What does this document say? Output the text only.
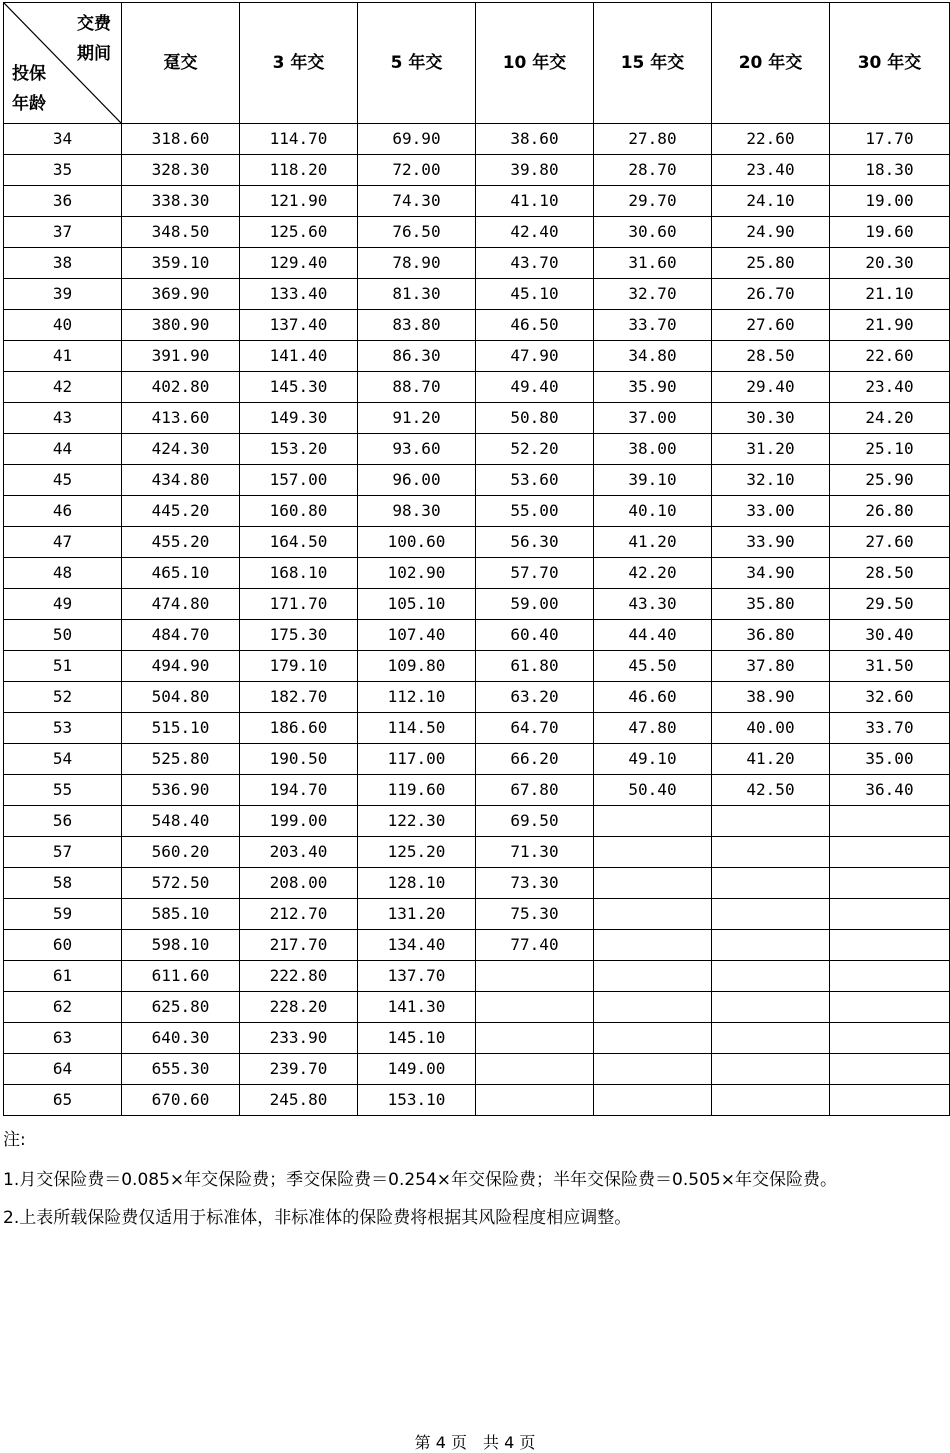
交费
期间
投保
年龄	趸交	3 年交	5 年交	10 年交	15 年交	20 年交	30 年交
34	318.60	114.70	69.90	38.60	27.80	22.60	17.70
35	328.30	118.20	72.00	39.80	28.70	23.40	18.30
36	338.30	121.90	74.30	41.10	29.70	24.10	19.00
37	348.50	125.60	76.50	42.40	30.60	24.90	19.60
38	359.10	129.40	78.90	43.70	31.60	25.80	20.30
39	369.90	133.40	81.30	45.10	32.70	26.70	21.10
40	380.90	137.40	83.80	46.50	33.70	27.60	21.90
41	391.90	141.40	86.30	47.90	34.80	28.50	22.60
42	402.80	145.30	88.70	49.40	35.90	29.40	23.40
43	413.60	149.30	91.20	50.80	37.00	30.30	24.20
44	424.30	153.20	93.60	52.20	38.00	31.20	25.10
45	434.80	157.00	96.00	53.60	39.10	32.10	25.90
46	445.20	160.80	98.30	55.00	40.10	33.00	26.80
47	455.20	164.50	100.60	56.30	41.20	33.90	27.60
48	465.10	168.10	102.90	57.70	42.20	34.90	28.50
49	474.80	171.70	105.10	59.00	43.30	35.80	29.50
50	484.70	175.30	107.40	60.40	44.40	36.80	30.40
51	494.90	179.10	109.80	61.80	45.50	37.80	31.50
52	504.80	182.70	112.10	63.20	46.60	38.90	32.60
53	515.10	186.60	114.50	64.70	47.80	40.00	33.70
54	525.80	190.50	117.00	66.20	49.10	41.20	35.00
55	536.90	194.70	119.60	67.80	50.40	42.50	36.40
56	548.40	199.00	122.30	69.50			
57	560.20	203.40	125.20	71.30			
58	572.50	208.00	128.10	73.30			
59	585.10	212.70	131.20	75.30			
60	598.10	217.70	134.40	77.40			
61	611.60	222.80	137.70				
62	625.80	228.20	141.30				
63	640.30	233.90	145.10				
64	655.30	239.70	149.00				
65	670.60	245.80	153.10				

注:

1.月交保险费＝0.085×年交保险费；季交保险费＝0.254×年交保险费；半年交保险费＝0.505×年交保险费。

2.上表所载保险费仅适用于标准体，非标准体的保险费将根据其风险程度相应调整。

第 4 页　共 4 页
